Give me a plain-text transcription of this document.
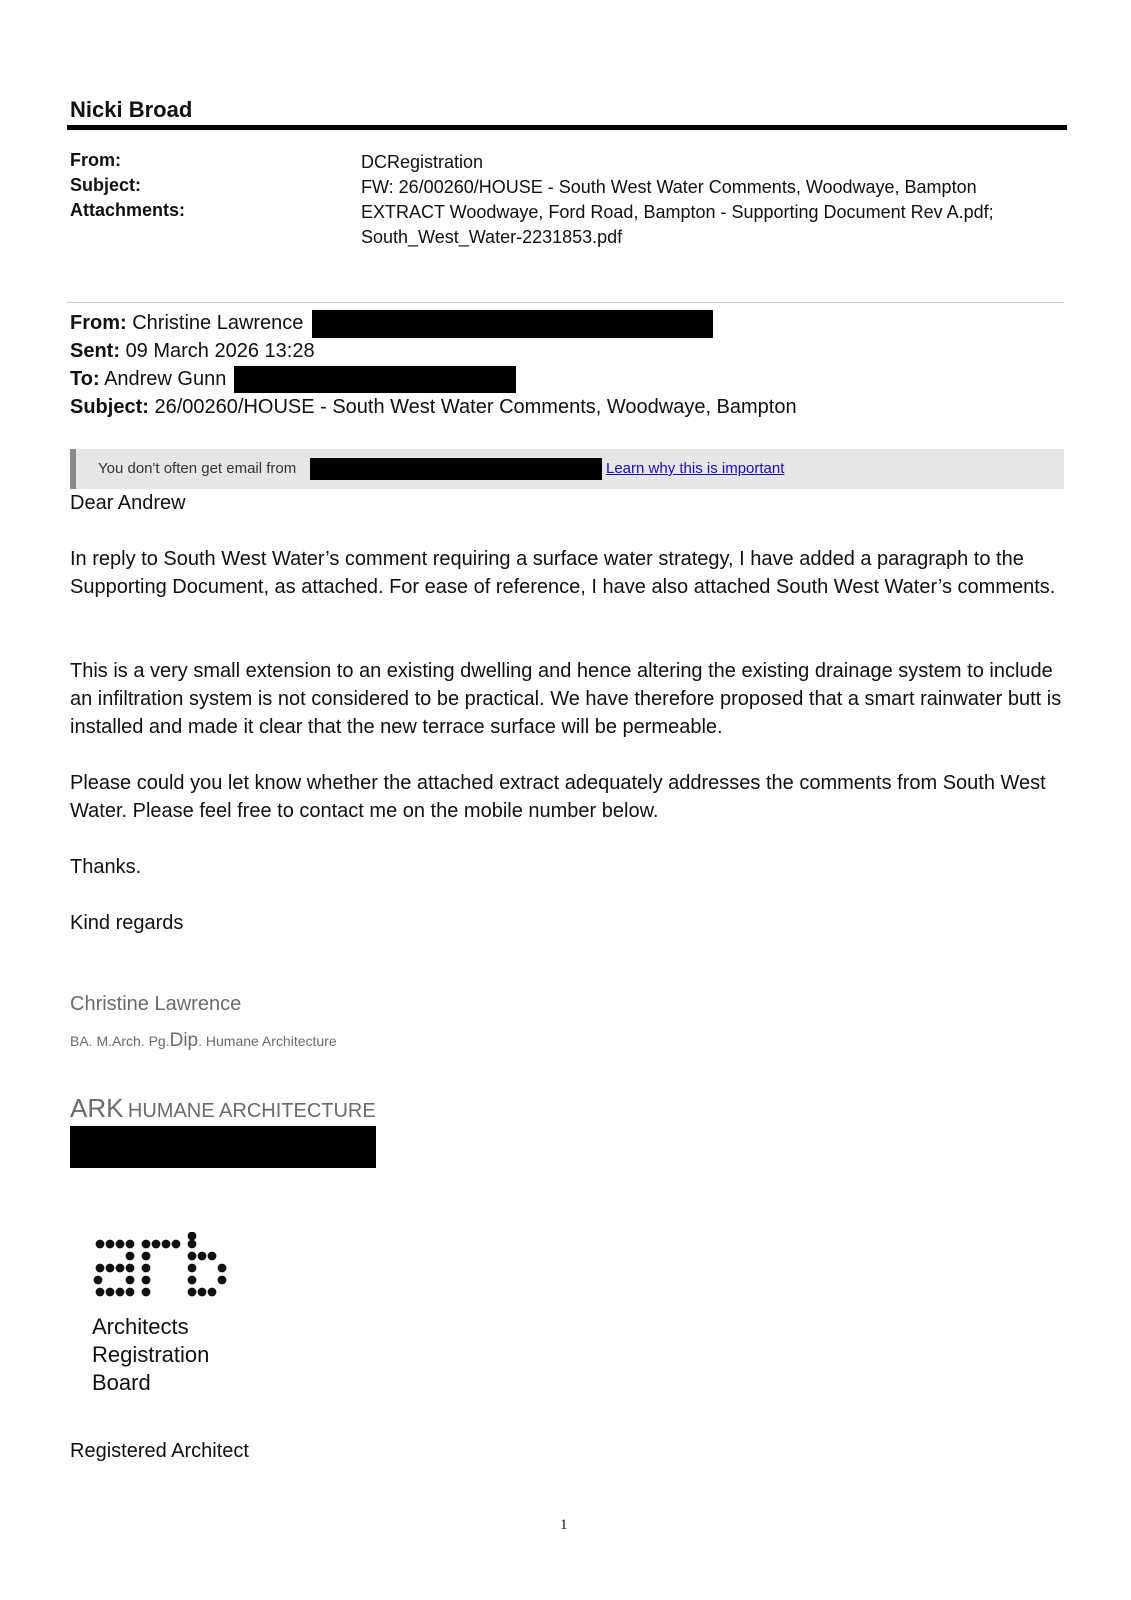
Nicki Broad
From:	DCRegistration
Subject:	FW: 26/00260/HOUSE - South West Water Comments, Woodwaye, Bampton
Attachments:	EXTRACT Woodwaye, Ford Road, Bampton - Supporting Document Rev A.pdf;
South_West_Water-2231853.pdf
From: Christine Lawrence
Sent: 09 March 2026 13:28
To: Andrew Gunn
Subject: 26/00260/HOUSE - South West Water Comments, Woodwaye, Bampton
You don't often get email from	Learn why this is important
Dear Andrew
In reply to South West Water’s comment requiring a surface water strategy, I have added a paragraph to the Supporting Document, as attached. For ease of reference, I have also attached South West Water’s comments.
This is a very small extension to an existing dwelling and hence altering the existing drainage system to include an infiltration system is not considered to be practical. We have therefore proposed that a smart rainwater butt is installed and made it clear that the new terrace surface will be permeable.
Please could you let know whether the attached extract adequately addresses the comments from South West Water. Please feel free to contact me on the mobile number below.
Thanks.
Kind regards
Christine Lawrence
BA. M.Arch. Pg.Dip. Humane Architecture
ARK HUMANE ARCHITECTURE
Architects
Registration
Board
Registered Architect
1
